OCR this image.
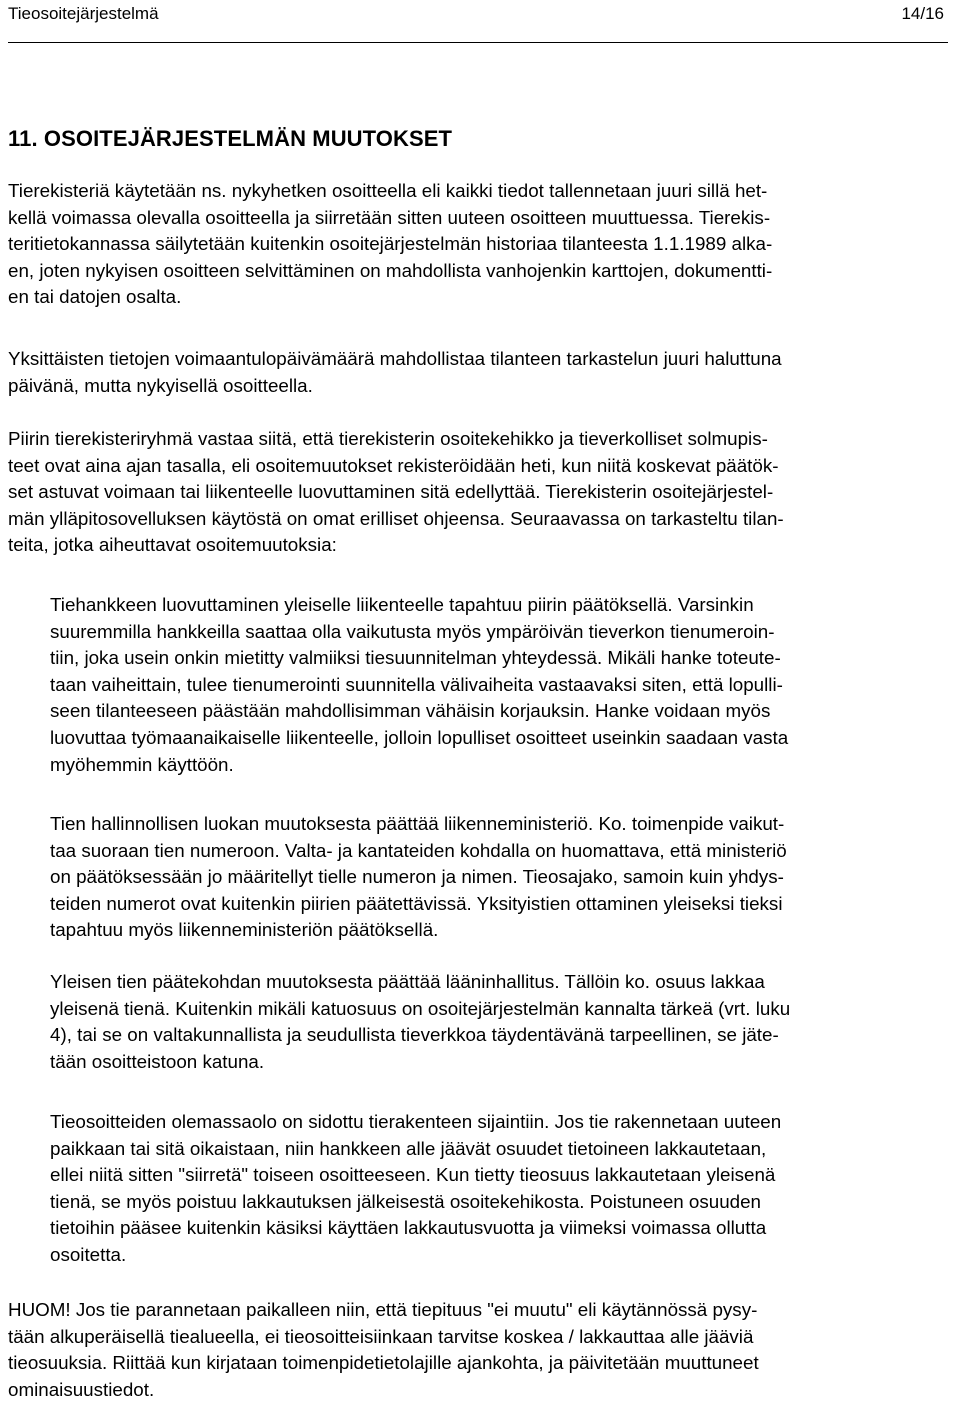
Tieosoitejärjestelmä	14/16
11. OSOITEJÄRJESTELMÄN MUUTOKSET
Tierekisteriä käytetään ns. nykyhetken osoitteella eli kaikki tiedot tallennetaan juuri sillä het-
kellä voimassa olevalla osoitteella ja siirretään sitten uuteen osoitteen muuttuessa. Tierekis-
teritietokannassa säilytetään kuitenkin osoitejärjestelmän historiaa tilanteesta 1.1.1989 alka-
en, joten nykyisen osoitteen selvittäminen on mahdollista vanhojenkin karttojen, dokumentti-
en tai datojen osalta.
Yksittäisten tietojen voimaantulopäivämäärä mahdollistaa tilanteen tarkastelun juuri haluttuna
päivänä, mutta nykyisellä osoitteella.
Piirin tierekisteriryhmä vastaa siitä, että tierekisterin osoitekehikko ja tieverkolliset solmupis-
teet ovat aina ajan tasalla, eli osoitemuutokset rekisteröidään heti, kun niitä koskevat päätök-
set astuvat voimaan tai liikenteelle luovuttaminen sitä edellyttää. Tierekisterin osoitejärjestel-
män ylläpitosovelluksen käytöstä on omat erilliset ohjeensa. Seuraavassa on tarkasteltu tilan-
teita, jotka aiheuttavat osoitemuutoksia:
Tiehankkeen luovuttaminen yleiselle liikenteelle tapahtuu piirin päätöksellä. Varsinkin
suuremmilla hankkeilla saattaa olla vaikutusta myös ympäröivän tieverkon tienumeroin-
tiin, joka usein onkin mietitty valmiiksi tiesuunnitelman yhteydessä. Mikäli hanke toteute-
taan vaiheittain, tulee tienumerointi suunnitella välivaiheita vastaavaksi siten, että lopulli-
seen tilanteeseen päästään mahdollisimman vähäisin korjauksin. Hanke voidaan myös
luovuttaa työmaanaikaiselle liikenteelle, jolloin lopulliset osoitteet useinkin saadaan vasta
myöhemmin käyttöön.
Tien hallinnollisen luokan muutoksesta päättää liikenneministeriö. Ko. toimenpide vaikut-
taa suoraan tien numeroon. Valta- ja kantateiden kohdalla on huomattava, että ministeriö
on päätöksessään jo määritellyt tielle numeron ja nimen. Tieosajako, samoin kuin yhdys-
teiden numerot ovat kuitenkin piirien päätettävissä. Yksityistien ottaminen yleiseksi tieksi
tapahtuu myös liikenneministeriön päätöksellä.
Yleisen tien päätekohdan muutoksesta päättää lääninhallitus. Tällöin ko. osuus lakkaa
yleisenä tienä. Kuitenkin mikäli katuosuus on osoitejärjestelmän kannalta tärkeä (vrt. luku
4), tai se on valtakunnallista ja seudullista tieverkkoa täydentävänä tarpeellinen, se jäte-
tään osoitteistoon katuna.
Tieosoitteiden olemassaolo on sidottu tierakenteen sijaintiin. Jos tie rakennetaan uuteen
paikkaan tai sitä oikaistaan, niin hankkeen alle jäävät osuudet tietoineen lakkautetaan,
ellei niitä sitten "siirretä" toiseen osoitteeseen. Kun tietty tieosuus lakkautetaan yleisenä
tienä, se myös poistuu lakkautuksen jälkeisestä osoitekehikosta. Poistuneen osuuden
tietoihin pääsee kuitenkin käsiksi käyttäen lakkautusvuotta ja viimeksi voimassa ollutta
osoitetta.
HUOM! Jos tie parannetaan paikalleen niin, että tiepituus "ei muutu" eli käytännössä pysy-
tään alkuperäisellä tiealueella, ei tieosoitteisiinkaan tarvitse koskea / lakkauttaa alle jääviä
tieosuuksia. Riittää kun kirjataan toimenpidetietolajille ajankohta, ja päivitetään muuttuneet
ominaisuustiedot.
